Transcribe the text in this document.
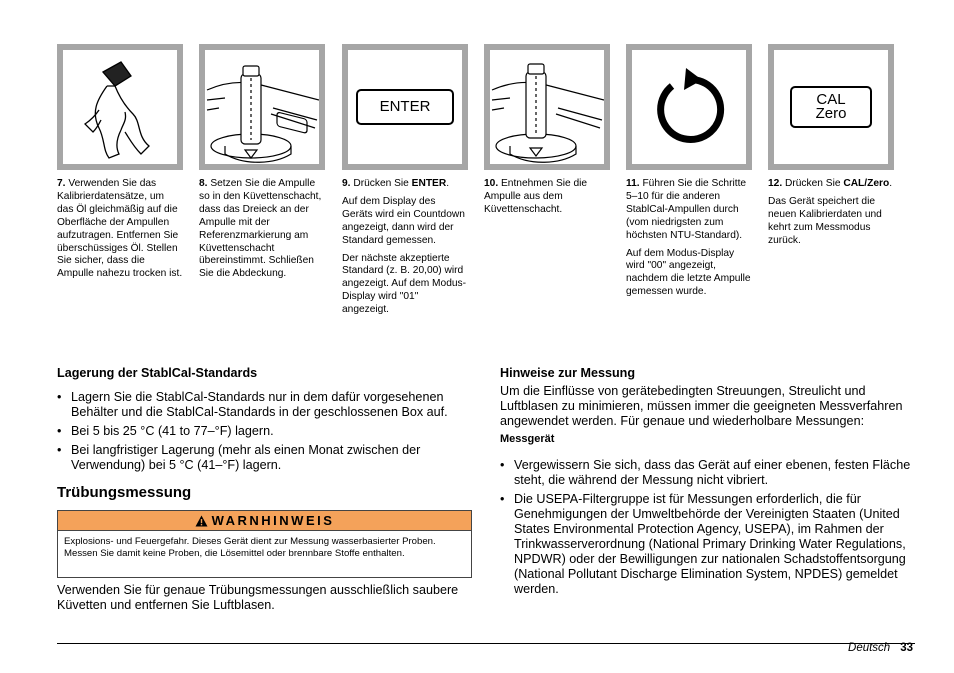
7. Verwenden Sie das Kalibrierdatensätze, um das Öl gleichmäßig auf die Oberfläche der Ampullen aufzutragen. Entfernen Sie überschüssiges Öl. Stellen Sie sicher, dass die Ampulle nahezu trocken ist.

8. Setzen Sie die Ampulle so in den Küvettenschacht, dass das Dreieck an der Ampulle mit der Referenzmarkierung am Küvettenschacht übereinstimmt. Schließen Sie die Abdeckung.

ENTER

9. Drücken Sie ENTER.

Auf dem Display des Geräts wird ein Countdown angezeigt, dann wird der Standard gemessen.

Der nächste akzeptierte Standard (z. B. 20,00) wird angezeigt. Auf dem Modus-Display wird "01" angezeigt.

10. Entnehmen Sie die Ampulle aus dem Küvettenschacht.

11. Führen Sie die Schritte 5–10 für die anderen StablCal-Ampullen durch (vom niedrigsten zum höchsten NTU-Standard).

Auf dem Modus-Display wird "00" angezeigt, nachdem die letzte Ampulle gemessen wurde.

CAL
Zero

12. Drücken Sie CAL/Zero.

Das Gerät speichert die neuen Kalibrierdaten und kehrt zum Messmodus zurück.

Lagerung der StablCal-Standards
• Lagern Sie die StablCal-Standards nur in dem dafür vorgesehenen Behälter und die StablCal-Standards in der geschlossenen Box auf.
• Bei 5 bis 25 °C (41 to 77–°F) lagern.
• Bei langfristiger Lagerung (mehr als einen Monat zwischen der Verwendung) bei 5 °C (41–°F) lagern.
Trübungsmessung
WARNHINWEIS
Explosions- und Feuergefahr. Dieses Gerät dient zur Messung wasserbasierter Proben. Messen Sie damit keine Proben, die Lösemittel oder brennbare Stoffe enthalten.

Verwenden Sie für genaue Trübungsmessungen ausschließlich saubere Küvetten und entfernen Sie Luftblasen.

Hinweise zur Messung

Um die Einflüsse von gerätebedingten Streuungen, Streulicht und Luftblasen zu minimieren, müssen immer die geeigneten Messverfahren angewendet werden. Für genaue und wiederholbare Messungen:

Messgerät
• Vergewissern Sie sich, dass das Gerät auf einer ebenen, festen Fläche steht, die während der Messung nicht vibriert.
• Die USEPA-Filtergruppe ist für Messungen erforderlich, die für Genehmigungen der Umweltbehörde der Vereinigten Staaten (United States Environmental Protection Agency, USEPA), im Rahmen der Trinkwasserverordnung (National Primary Drinking Water Regulations, NPDWR) oder der Bewilligungen zur nationalen Schadstoffentsorgung (National Pollutant Discharge Elimination System, NPDES) gemeldet werden.
Deutsch 33
